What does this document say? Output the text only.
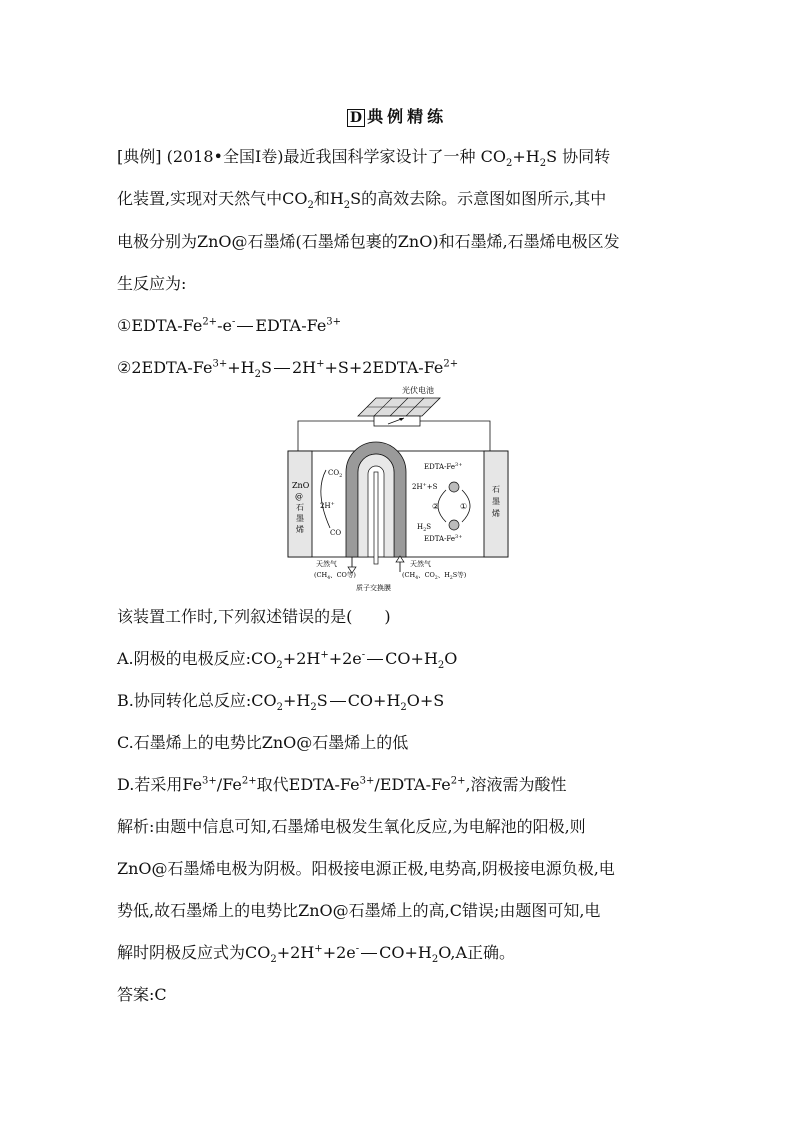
D 典例精练
[典例] (2018•全国Ⅰ卷)最近我国科学家设计了一种 $CO_2+H_2S$ 协同转
化装置,实现对天然气中$CO_2$和$H_2S$的高效去除。示意图如图所示,其中
电极分别为ZnO@石墨烯(石墨烯包裹的ZnO)和石墨烯,石墨烯电极区发
生反应为:
①EDTA-$Fe^{2+}-e^-$ EDTA-$Fe^{3+}$
$②2EDTA-Fe^{3+}+H_2S$ $2H^++S+2EDTA-Fe^{2+}$
光伏电池
ZnO
@
石
墨
烯
石
墨
烯
$CO_2$
2H+
CO
EDTA-$Fe^{3+}$
2H++S
②	①
$H_2S$
EDTA-$Fe^{3+}$
天然气
($CH_4$、CO等)
天然气
($CH_4$、$CO_2$、$H_2S$等)
质子交换膜
该装置工作时,下列叙述错误的是(　　)
A.阴极的电极反应$:CO_2+2H^++2e^-$ $CO+H_2O$
B.协同转化总反应$:CO_2+H_2S$ $CO+H_2O+S$
C.石墨烯上的电势比ZnO@石墨烯上的低
D.若采用$Fe^{3+}/Fe^{2+}$取代EDTA-$Fe^{3+}/EDTA-Fe^{2+}$,溶液需为酸性
解析:由题中信息可知,石墨烯电极发生氧化反应,为电解池的阳极,则
ZnO@石墨烯电极为阴极。阳极接电源正极,电势高,阴极接电源负极,电
势低,故石墨烯上的电势比ZnO@石墨烯上的高,C错误;由题图可知,电
解时阴极反应式为$CO_2+2H^++2e^-$ $CO+H_2O,A$正确。
答案:C
